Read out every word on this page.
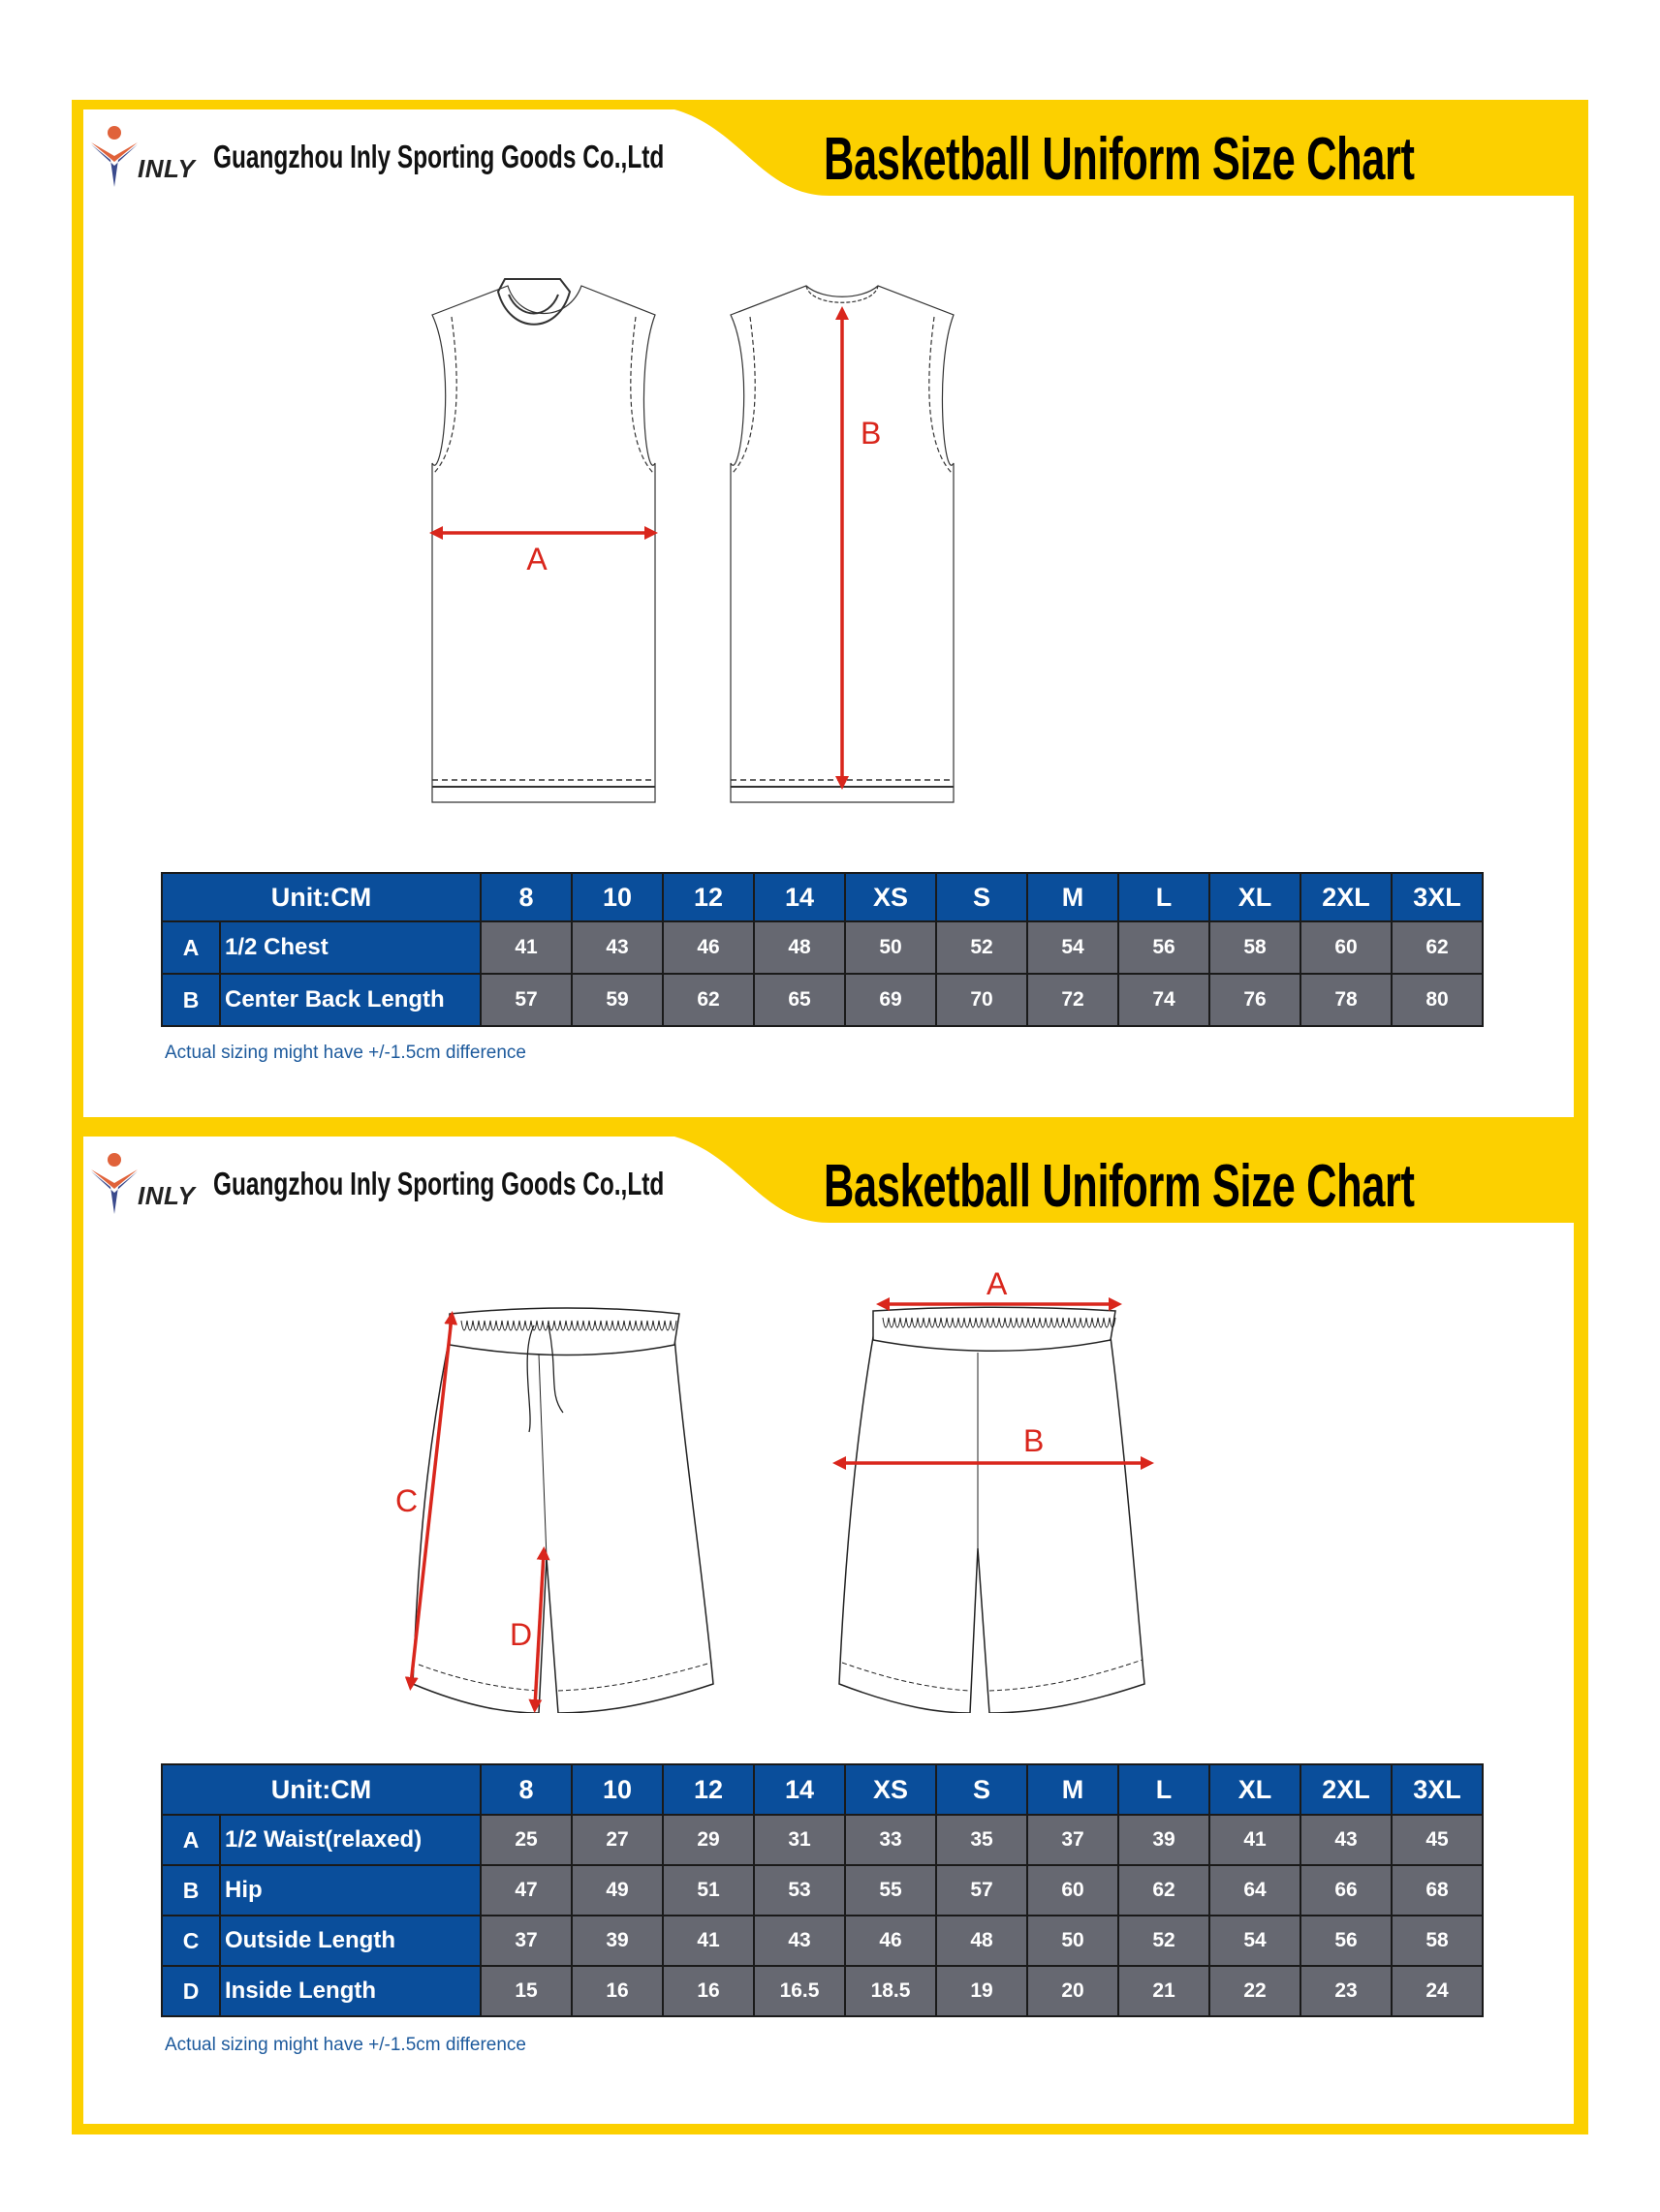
INLY Guangzhou Inly Sporting Goods Co.,Ltd	Basketball Uniform Size Chart
A
B
Unit:CM		8	10	12	14	XS	S	M	L	XL	2XL	3XL
A	1/2 Chest	41	43	46	48	50	52	54	56	58	60	62
B	Center Back Length	57	59	62	65	69	70	72	74	76	78	80
Actual sizing might have +/-1.5cm difference
INLY Guangzhou Inly Sporting Goods Co.,Ltd	Basketball Uniform Size Chart
C
D
A
B
Unit:CM		8	10	12	14	XS	S	M	L	XL	2XL	3XL
A	1/2 Waist(relaxed)	25	27	29	31	33	35	37	39	41	43	45
B	Hip	47	49	51	53	55	57	60	62	64	66	68
C	Outside Length	37	39	41	43	46	48	50	52	54	56	58
D	Inside Length	15	16	16	16.5	18.5	19	20	21	22	23	24
Actual sizing might have +/-1.5cm difference
